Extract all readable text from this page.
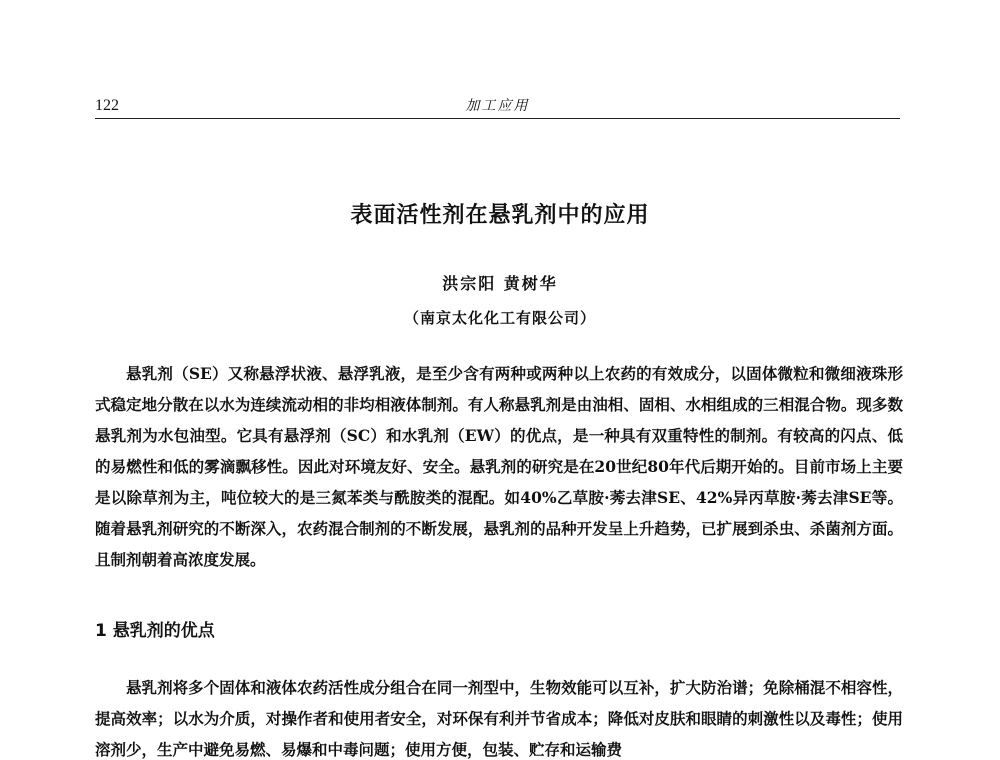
122	加工应用
表面活性剂在悬乳剂中的应用
洪宗阳 黄树华
（南京太化化工有限公司）

悬乳剂（SE）又称悬浮状液、悬浮乳液，是至少含有两种或两种以上农药的有效成分，以固体微粒和微细液珠形式稳定地分散在以水为连续流动相的非均相液体制剂。有人称悬乳剂是由油相、固相、水相组成的三相混合物。现多数悬乳剂为水包油型。它具有悬浮剂（SC）和水乳剂（EW）的优点，是一种具有双重特性的制剂。有较高的闪点、低的易燃性和低的雾滴飘移性。因此对环境友好、安全。悬乳剂的研究是在20世纪80年代后期开始的。目前市场上主要是以除草剂为主，吨位较大的是三氮苯类与酰胺类的混配。如40%乙草胺·莠去津SE、42%异丙草胺·莠去津SE等。随着悬乳剂研究的不断深入，农药混合制剂的不断发展，悬乳剂的品种开发呈上升趋势，已扩展到杀虫、杀菌剂方面。且制剂朝着高浓度发展。

1 悬乳剂的优点

悬乳剂将多个固体和液体农药活性成分组合在同一剂型中，生物效能可以互补，扩大防治谱；免除桶混不相容性，提高效率；以水为介质，对操作者和使用者安全，对环保有利并节省成本；降低对皮肤和眼睛的刺激性以及毒性；使用溶剂少，生产中避免易燃、易爆和中毒问题；使用方便，包装、贮存和运输费
